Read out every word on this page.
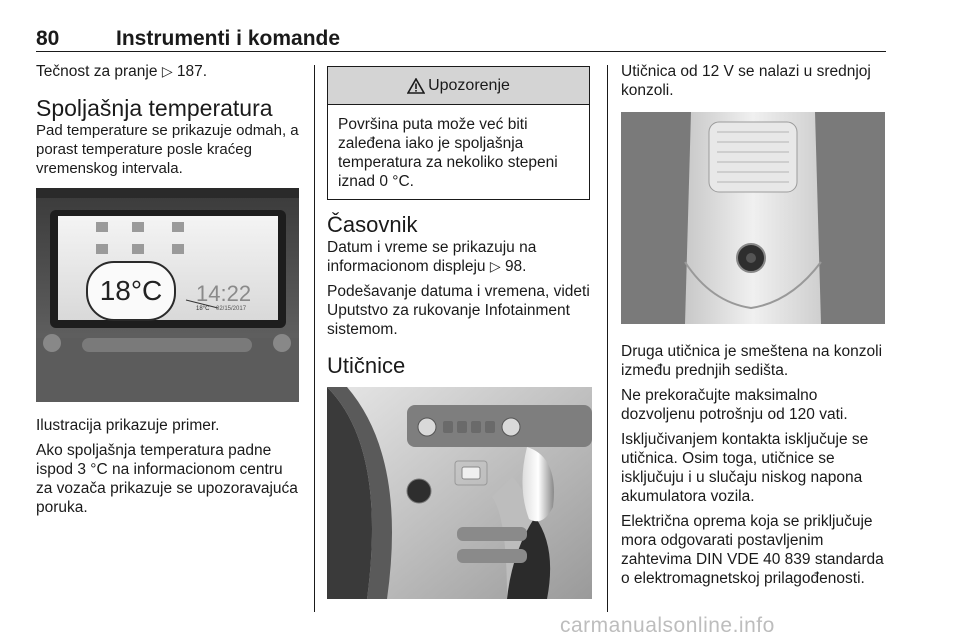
80	Instrumenti i komande

Tečnost za pranje ▷ 187.

Spoljašnja temperatura

Pad temperature se prikazuje odmah, a porast temperature posle kraćeg vremenskog intervala.

18°C	14:22
18°C 02/15/2017

Ilustracija prikazuje primer.

Ako spoljašnja temperatura padne ispod 3 °C na informacionom centru za vozača prikazuje se upozoravajuća poruka.

Upozorenje

Površina puta može već biti zaleđena iako je spoljašnja temperatura za nekoliko stepeni iznad 0 °C.

Časovnik

Datum i vreme se prikazuju na informacionom displeju ▷ 98.

Podešavanje datuma i vremena, videti Uputstvo za rukovanje Infotainment sistemom.

Utičnice

Utičnica od 12 V se nalazi u srednjoj konzoli.

Druga utičnica je smeštena na konzoli između prednjih sedišta.

Ne prekoračujte maksimalno dozvoljenu potrošnju od 120 vati.

Isključivanjem kontakta isključuje se utičnica. Osim toga, utičnice se isključuju i u slučaju niskog napona akumulatora vozila.

Električna oprema koja se priključuje mora odgovarati postavljenim zahtevima DIN VDE 40 839 standarda o elektromagnetskoj prilagođenosti.

carmanualsonline.info
